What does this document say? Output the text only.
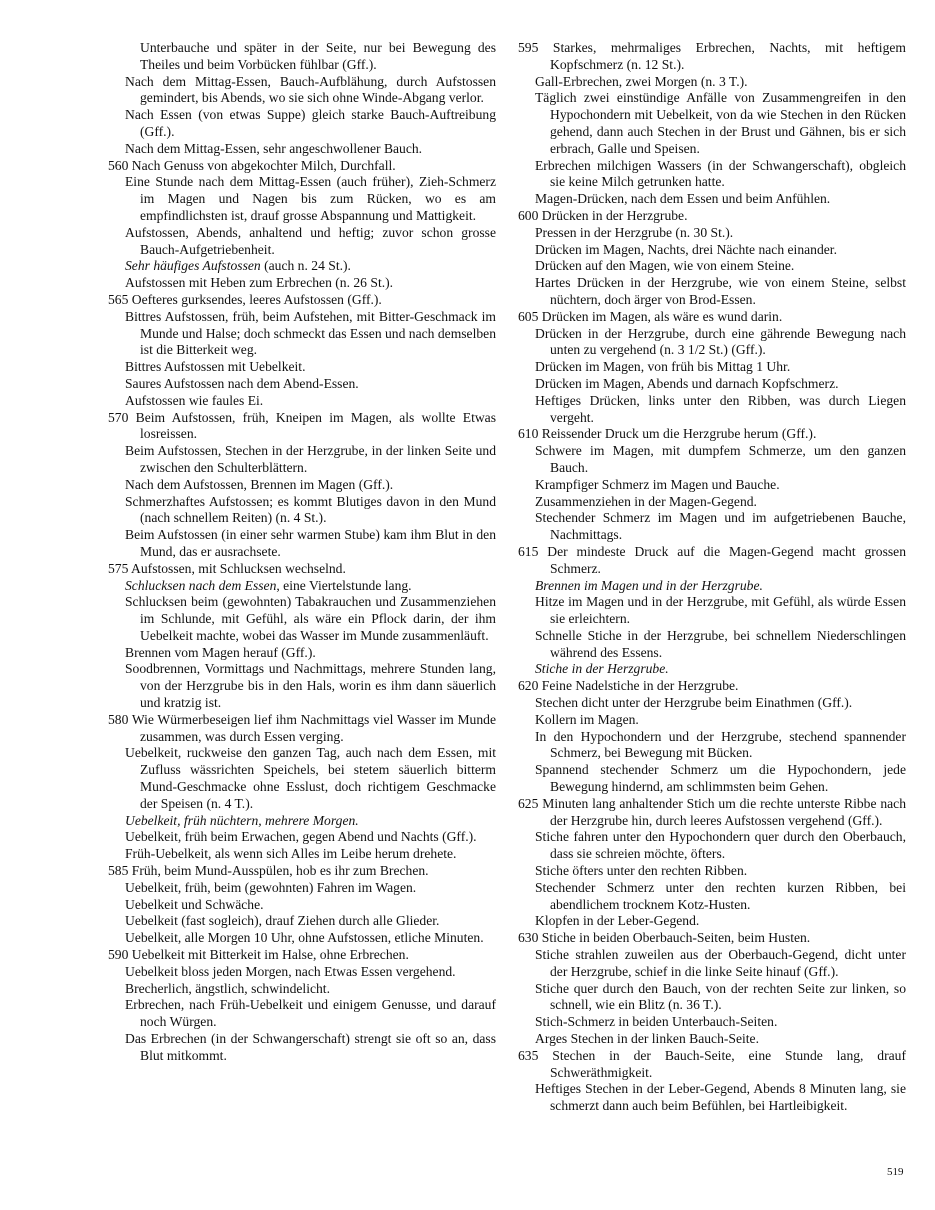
Unterbauche und später in der Seite, nur bei Bewegung des Theiles und beim Vorbücken fühlbar (Gff.).

Nach dem Mittag-Essen, Bauch-Aufblähung, durch Aufstossen gemindert, bis Abends, wo sie sich ohne Winde-Abgang verlor.

Nach Essen (von etwas Suppe) gleich starke Bauch-Auftreibung (Gff.).

Nach dem Mittag-Essen, sehr angeschwollener Bauch.

560 Nach Genuss von abgekochter Milch, Durchfall.

Eine Stunde nach dem Mittag-Essen (auch früher), Zieh-Schmerz im Magen und Nagen bis zum Rücken, wo es am empfindlichsten ist, drauf grosse Abspannung und Mattigkeit.

Aufstossen, Abends, anhaltend und heftig; zuvor schon grosse Bauch-Aufgetriebenheit.

Sehr häufiges Aufstossen (auch n. 24 St.).

Aufstossen mit Heben zum Erbrechen (n. 26 St.).

565 Oefteres gurksendes, leeres Aufstossen (Gff.).

Bittres Aufstossen, früh, beim Aufstehen, mit Bitter-Geschmack im Munde und Halse; doch schmeckt das Essen und nach demselben ist die Bitterkeit weg.

Bittres Aufstossen mit Uebelkeit.

Saures Aufstossen nach dem Abend-Essen.

Aufstossen wie faules Ei.

570 Beim Aufstossen, früh, Kneipen im Magen, als wollte Etwas losreissen.

Beim Aufstossen, Stechen in der Herzgrube, in der linken Seite und zwischen den Schulterblättern.

Nach dem Aufstossen, Brennen im Magen (Gff.).

Schmerzhaftes Aufstossen; es kommt Blutiges davon in den Mund (nach schnellem Reiten) (n. 4 St.).

Beim Aufstossen (in einer sehr warmen Stube) kam ihm Blut in den Mund, das er ausrachsete.

575 Aufstossen, mit Schlucksen wechselnd.

Schlucksen nach dem Essen, eine Viertelstunde lang.

Schlucksen beim (gewohnten) Tabakrauchen und Zusammenziehen im Schlunde, mit Gefühl, als wäre ein Pflock darin, der ihm Uebelkeit machte, wobei das Wasser im Munde zusammenläuft.

Brennen vom Magen herauf (Gff.).

Soodbrennen, Vormittags und Nachmittags, mehrere Stunden lang, von der Herzgrube bis in den Hals, worin es ihm dann säuerlich und kratzig ist.

580 Wie Würmerbeseigen lief ihm Nachmittags viel Wasser im Munde zusammen, was durch Essen verging.

Uebelkeit, ruckweise den ganzen Tag, auch nach dem Essen, mit Zufluss wässrichten Speichels, bei stetem säuerlich bitterm Mund-Geschmacke ohne Esslust, doch richtigem Geschmacke der Speisen (n. 4 T.).

Uebelkeit, früh nüchtern, mehrere Morgen.

Uebelkeit, früh beim Erwachen, gegen Abend und Nachts (Gff.).

Früh-Uebelkeit, als wenn sich Alles im Leibe herum drehete.

585 Früh, beim Mund-Ausspülen, hob es ihr zum Brechen.

Uebelkeit, früh, beim (gewohnten) Fahren im Wagen.

Uebelkeit und Schwäche.

Uebelkeit (fast sogleich), drauf Ziehen durch alle Glieder.

Uebelkeit, alle Morgen 10 Uhr, ohne Aufstossen, etliche Minuten.

590 Uebelkeit mit Bitterkeit im Halse, ohne Erbrechen.

Uebelkeit bloss jeden Morgen, nach Etwas Essen vergehend.

Brecherlich, ängstlich, schwindelicht.

Erbrechen, nach Früh-Uebelkeit und einigem Genusse, und darauf noch Würgen.

Das Erbrechen (in der Schwangerschaft) strengt sie oft so an, dass Blut mitkommt.

595 Starkes, mehrmaliges Erbrechen, Nachts, mit heftigem Kopfschmerz (n. 12 St.).

Gall-Erbrechen, zwei Morgen (n. 3 T.).

Täglich zwei einstündige Anfälle von Zusammengreifen in den Hypochondern mit Uebelkeit, von da wie Stechen in den Rücken gehend, dann auch Stechen in der Brust und Gähnen, bis er sich erbrach, Galle und Speisen.

Erbrechen milchigen Wassers (in der Schwangerschaft), obgleich sie keine Milch getrunken hatte.

Magen-Drücken, nach dem Essen und beim Anfühlen.

600 Drücken in der Herzgrube.

Pressen in der Herzgrube (n. 30 St.).

Drücken im Magen, Nachts, drei Nächte nach einander.

Drücken auf den Magen, wie von einem Steine.

Hartes Drücken in der Herzgrube, wie von einem Steine, selbst nüchtern, doch ärger von Brod-Essen.

605 Drücken im Magen, als wäre es wund darin.

Drücken in der Herzgrube, durch eine gährende Bewegung nach unten zu vergehend (n. 3 1/2 St.) (Gff.).

Drücken im Magen, von früh bis Mittag 1 Uhr.

Drücken im Magen, Abends und darnach Kopfschmerz.

Heftiges Drücken, links unter den Ribben, was durch Liegen vergeht.

610 Reissender Druck um die Herzgrube herum (Gff.).

Schwere im Magen, mit dumpfem Schmerze, um den ganzen Bauch.

Krampfiger Schmerz im Magen und Bauche.

Zusammenziehen in der Magen-Gegend.

Stechender Schmerz im Magen und im aufgetriebenen Bauche, Nachmittags.

615 Der mindeste Druck auf die Magen-Gegend macht grossen Schmerz.

Brennen im Magen und in der Herzgrube.

Hitze im Magen und in der Herzgrube, mit Gefühl, als würde Essen sie erleichtern.

Schnelle Stiche in der Herzgrube, bei schnellem Niederschlingen während des Essens.

Stiche in der Herzgrube.

620 Feine Nadelstiche in der Herzgrube.

Stechen dicht unter der Herzgrube beim Einathmen (Gff.).

Kollern im Magen.

In den Hypochondern und der Herzgrube, stechend spannender Schmerz, bei Bewegung mit Bücken.

Spannend stechender Schmerz um die Hypochondern, jede Bewegung hindernd, am schlimmsten beim Gehen.

625 Minuten lang anhaltender Stich um die rechte unterste Ribbe nach der Herzgrube hin, durch leeres Aufstossen vergehend (Gff.).

Stiche fahren unter den Hypochondern quer durch den Oberbauch, dass sie schreien möchte, öfters.

Stiche öfters unter den rechten Ribben.

Stechender Schmerz unter den rechten kurzen Ribben, bei abendlichem trocknem Kotz-Husten.

Klopfen in der Leber-Gegend.

630 Stiche in beiden Oberbauch-Seiten, beim Husten.

Stiche strahlen zuweilen aus der Oberbauch-Gegend, dicht unter der Herzgrube, schief in die linke Seite hinauf (Gff.).

Stiche quer durch den Bauch, von der rechten Seite zur linken, so schnell, wie ein Blitz (n. 36 T.).

Stich-Schmerz in beiden Unterbauch-Seiten.

Arges Stechen in der linken Bauch-Seite.

635 Stechen in der Bauch-Seite, eine Stunde lang, drauf Schweräthmigkeit.

Heftiges Stechen in der Leber-Gegend, Abends 8 Minuten lang, sie schmerzt dann auch beim Befühlen, bei Hartleibigkeit.

519
